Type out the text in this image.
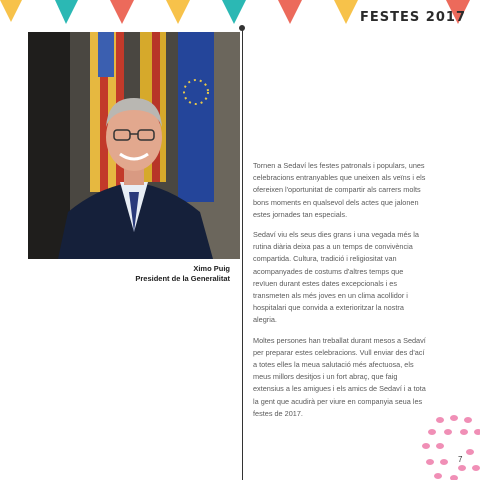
FESTES 2017
Ximo Puig
President de la Generalitat

Tornen a Sedaví les festes patronals i populars, unes celebracions entranyables que uneixen als veïns i els ofereixen l'oportunitat de compartir als carrers molts bons moments en qualsevol dels actes que jalonen estes jornades tan especials.

Sedaví viu els seus dies grans i una vegada més la rutina diària deixa pas a un temps de convivència compartida. Cultura, tradició i religiositat van acompanyades de costums d'altres temps que revïuen durant estes dates excepcionals i es transmeten als més joves en un clima acollidor i hospitalari que convida a exterioritzar la nostra alegria.

Moltes persones han treballat durant mesos a Sedaví per preparar estes celebracions. Vull enviar des d'ací a totes elles la meua salutació més afectuosa, els meus millors desitjos i un fort abraç, que faig extensius a les amigues i els amics de Sedaví i a tota la gent que acudirà per viure en companyia seua les festes de 2017.

7
